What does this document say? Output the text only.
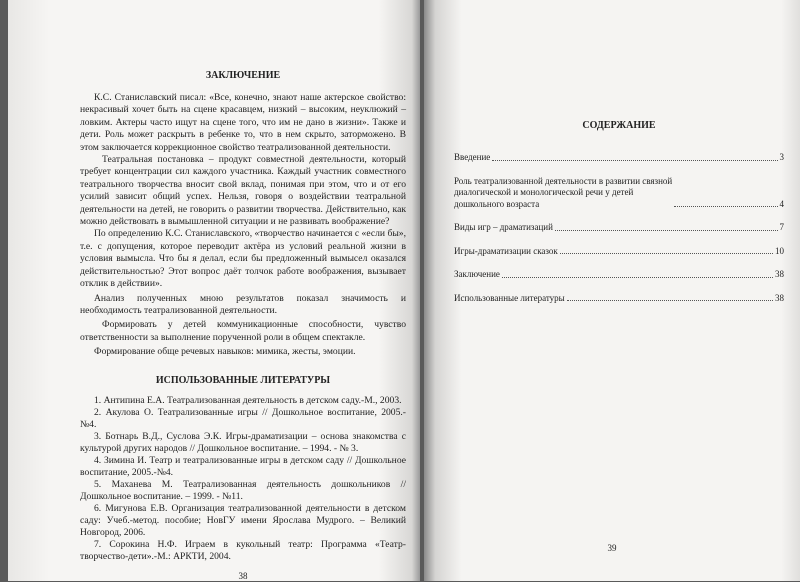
ЗАКЛЮЧЕНИЕ

К.С. Станиславский писал: «Все, конечно, знают наше актерское свойство: некрасивый хочет быть на сцене красавцем, низкий – высоким, неуклюжий – ловким. Актеры часто ищут на сцене того, что им не дано в жизни». Также и дети. Роль может раскрыть в ребенке то, что в нем скрыто, заторможено. В этом заключается коррекционное свойство театрализованной деятельности.

Театральная постановка – продукт совместной деятельности, который требует концентрации сил каждого участника. Каждый участник совместного театрального творчества вносит свой вклад, понимая при этом, что и от его усилий зависит общий успех. Нельзя, говоря о воздействии театральной деятельности на детей, не говорить о развитии творчества. Действительно, как можно действовать в вымышленной ситуации и не развивать воображение?

По определению К.С. Станиславского, «творчество начинается с «если бы», т.е. с допущения, которое переводит актёра из условий реальной жизни в условия вымысла. Что бы я делал, если бы предложенный вымысел оказался действительностью? Этот вопрос даёт толчок работе воображения, вызывает отклик в действии».

Анализ полученных мною результатов показал значимость и необходимость театрализованной деятельности.

Формировать у детей коммуникационные способности, чувство ответственности за выполнение порученной роли в общем спектакле.

Формирование обще речевых навыков: мимика, жесты, эмоции.

ИСПОЛЬЗОВАННЫЕ ЛИТЕРАТУРЫ

1. Антипина Е.А. Театрализованная деятельность в детском саду.-М., 2003.

2. Акулова О. Театрализованные игры // Дошкольное воспитание, 2005.-№4.

3. Ботнарь В.Д., Суслова Э.К. Игры-драматизации – основа знакомства с культурой других народов // Дошкольное воспитание. – 1994. - № 3.

4. Зимина И. Театр и театрализованные игры в детском саду // Дошкольное воспитание, 2005.-№4.

5. Маханева М. Театрализованная деятельность дошкольников // Дошкольное воспитание. – 1999. - №11.

6. Мигунова Е.В. Организация театрализованной деятельности в детском саду: Учеб.-метод. пособие; НовГУ имени Ярослава Мудрого. – Великий Новгород, 2006.

7. Сорокина Н.Ф. Играем в кукольный театр: Программа «Театр-творчество-дети».-М.: АРКТИ, 2004.

38
СОДЕРЖАНИЕ
Введение	3
Роль театрализованной деятельности в развитии связной
диалогической и монологической речи у детей
дошкольного возраста	4
Виды игр – драматизаций	7
Игры-драматизации сказок	10
Заключение	38
Использованные литературы	38
39
